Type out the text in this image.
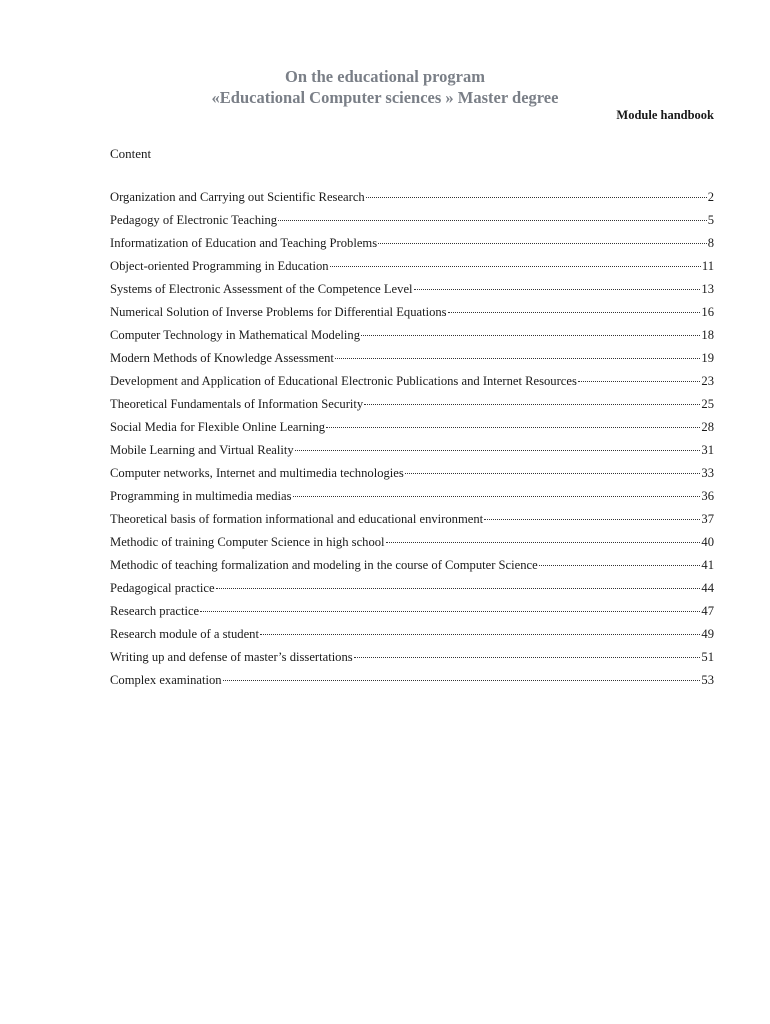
On the educational program
«Educational Computer sciences » Master degree
Module handbook
Content
Organization and Carrying out Scientific Research	2
Pedagogy of Electronic Teaching	5
Informatization of Education and Teaching Problems	8
Object-oriented Programming in Education	11
Systems of Electronic Assessment of the Competence Level	13
Numerical Solution of Inverse Problems for Differential Equations	16
Computer Technology in Mathematical Modeling	18
Modern Methods of Knowledge Assessment	19
Development and Application of Educational Electronic Publications and Internet Resources	23
Theoretical Fundamentals of Information Security	25
Social Media for Flexible Online Learning	28
Mobile Learning and Virtual Reality	31
Computer networks, Internet and multimedia technologies	33
Programming in multimedia medias	36
Theoretical basis of formation informational and educational environment	37
Methodic of training Computer Science in high school	40
Methodic of teaching formalization and modeling in the course of Computer Science	41
Pedagogical practice	44
Research practice	47
Research module of a student	49
Writing up and defense of master’s dissertations	51
Complex examination	53
